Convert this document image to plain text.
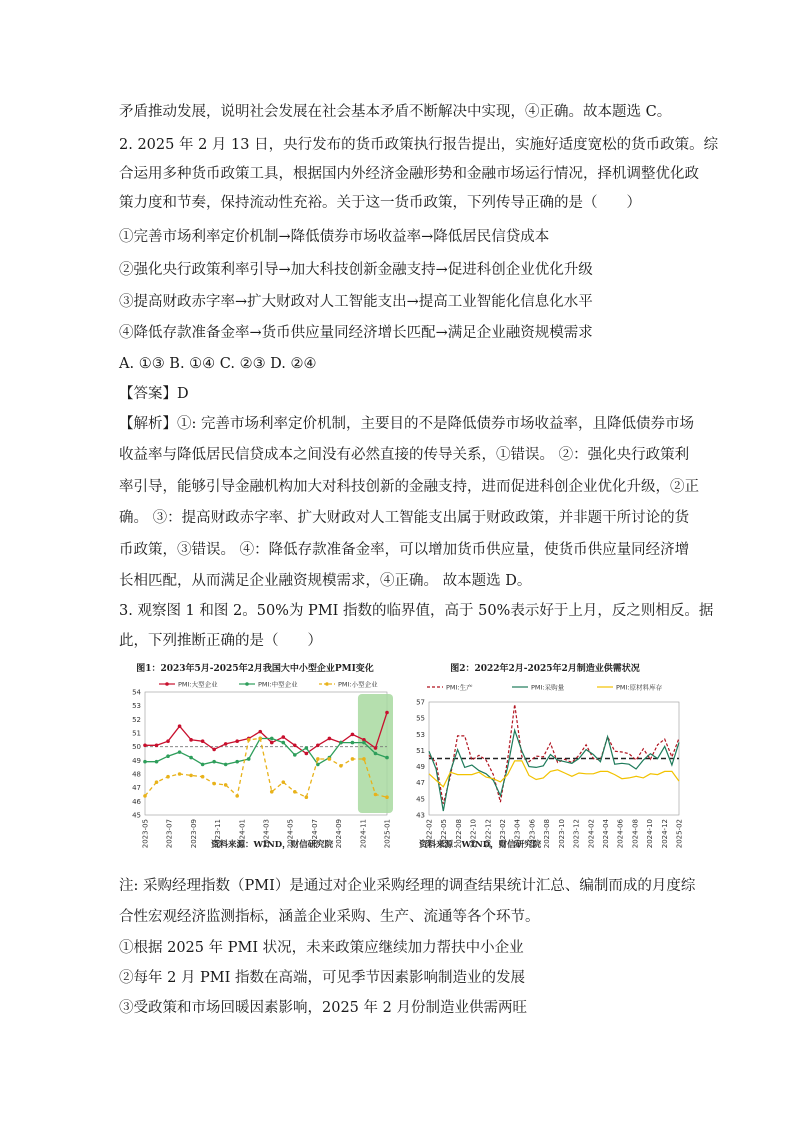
矛盾推动发展，说明社会发展在社会基本矛盾不断解决中实现，④正确。故本题选 C。
2. 2025 年 2 月 13 日，央行发布的货币政策执行报告提出，实施好适度宽松的货币政策。综
合运用多种货币政策工具，根据国内外经济金融形势和金融市场运行情况，择机调整优化政
策力度和节奏，保持流动性充裕。关于这一货币政策，下列传导正确的是（　　）
①完善市场利率定价机制→降低债券市场收益率→降低居民信贷成本
②强化央行政策利率引导→加大科技创新金融支持→促进科创企业优化升级
③提高财政赤字率→扩大财政对人工智能支出→提高工业智能化信息化水平
④降低存款准备金率→货币供应量同经济增长匹配→满足企业融资规模需求
A. ①③ B. ①④ C. ②③ D. ②④
【答案】D
【解析】①: 完善市场利率定价机制，主要目的不是降低债券市场收益率，且降低债券市场
收益率与降低居民信贷成本之间没有必然直接的传导关系，①错误。 ②：强化央行政策利
率引导，能够引导金融机构加大对科技创新的金融支持，进而促进科创企业优化升级，②正
确。 ③：提高财政赤字率、扩大财政对人工智能支出属于财政政策，并非题干所讨论的货
币政策，③错误。 ④：降低存款准备金率，可以增加货币供应量，使货币供应量同经济增
长相匹配，从而满足企业融资规模需求，④正确。 故本题选 D。
3. 观察图 1 和图 2。50%为 PMI 指数的临界值，高于 50%表示好于上月，反之则相反。据
此，下列推断正确的是（　　）
图1：2023年5月-2025年2月我国大中小型企业PMI变化
资料来源：WIND，财信研究院
45
46
47
48
49
50
51
52
53
54
2023-05 2023-07 2023-09 2023-11 2024-01 2024-03 2024-05 2024-07 2024-09 2024-11 2025-01
PMI:大型企业	PMI:中型企业	PMI:小型企业
图2：2022年2月-2025年2月制造业供需状况
资料来源：WIND，财信研究院
43
45
47
49
51
53
55
57
2022-02 2022-05 2022-08 2022-10 2022-12 2023-02 2023-04 2023-06 2023-08 2023-10 2023-12 2024-02 2024-04 2024-06 2024-08 2024-10 2024-12 2025-02
PMI:生产	PMI:采购量	PMI:原材料库存
注: 采购经理指数（PMI）是通过对企业采购经理的调查结果统计汇总、编制而成的月度综
合性宏观经济监测指标，涵盖企业采购、生产、流通等各个环节。
①根据 2025 年 PMI 状况，未来政策应继续加力帮扶中小企业
②每年 2 月 PMI 指数在高端，可见季节因素影响制造业的发展
③受政策和市场回暖因素影响，2025 年 2 月份制造业供需两旺
